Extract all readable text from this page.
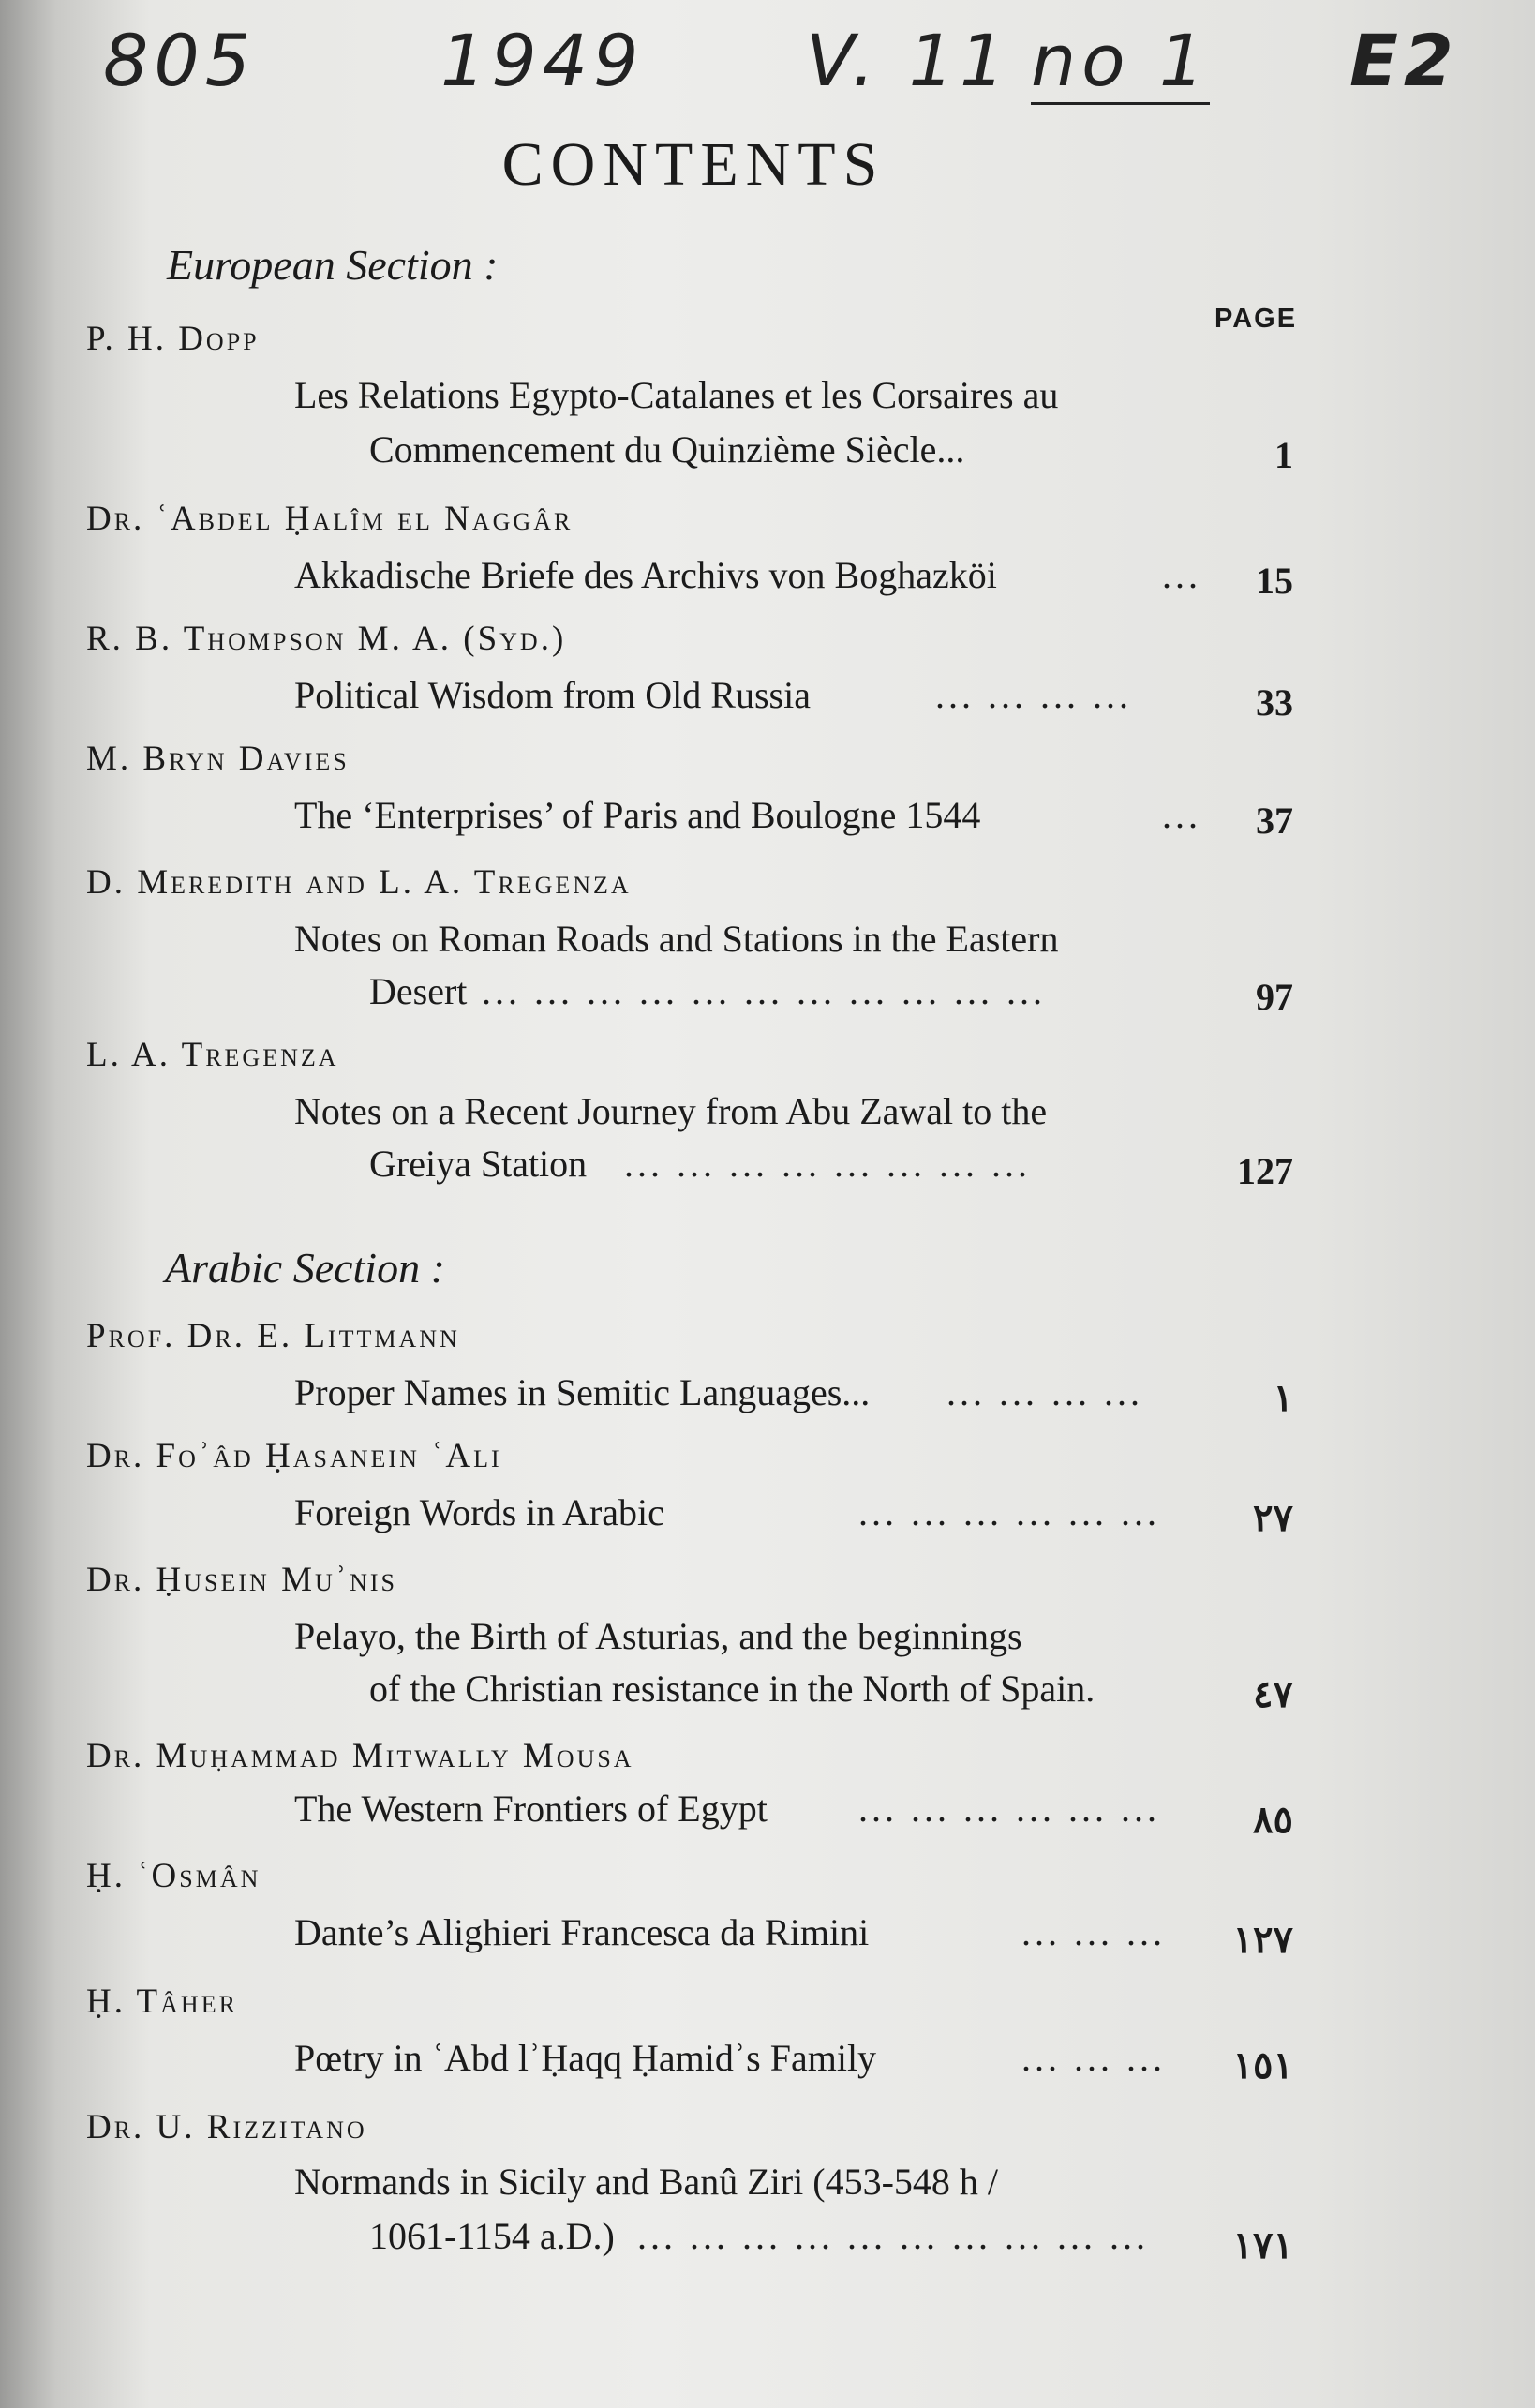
805	1949 V. 11 no 1 E2
CONTENTS
European Section :
PAGE
P. H. Dopp
Les Relations Egypto-Catalanes et les Corsaires au
Commencement du Quinzième Siècle...	1
Dr. ʿAbdel Ḥalîm el Naggâr
Akkadische Briefe des Archivs von Boghazköi	...	15
R. B. Thompson M. A. (Syd.)
Political Wisdom from Old Russia	... ... ... ...	33
M. Bryn Davies
The ‘Enterprises’ of Paris and Boulogne 1544	...	37
D. Meredith and L. A. Tregenza
Notes on Roman Roads and Stations in the Eastern
Desert ... ... ... ... ... ... ... ... ... ... ...	97
L. A. Tregenza
Notes on a Recent Journey from Abu Zawal to the
Greiya Station ... ... ... ... ... ... ... ...	127
Arabic Section :
Prof. Dr. E. Littmann
Proper Names in Semitic Languages... ... ... ... ...	١
Dr. Foʾâd Ḥasanein ʿAli
Foreign Words in Arabic	... ... ... ... ... ...	٢٧
Dr. Ḥusein Muʾnis
Pelayo, the Birth of Asturias, and the beginnings
of the Christian resistance in the North of Spain.	٤٧
Dr. Muḥammad Mitwally Mousa
The Western Frontiers of Egypt ... ... ... ... ... ...	٨٥
Ḥ. ʿOsmân
Dante’s Alighieri Francesca da Rimini	... ... ...	١٢٧
Ḥ. Tâher
Pœtry in ʿAbd lʾḤaqq Ḥamidʾs Family	... ... ...	١٥١
Dr. U. Rizzitano
Normands in Sicily and Banû Ziri (453-548 h /
1061-1154 a.D.) ... ... ... ... ... ... ... ... ... ...	١٧١
